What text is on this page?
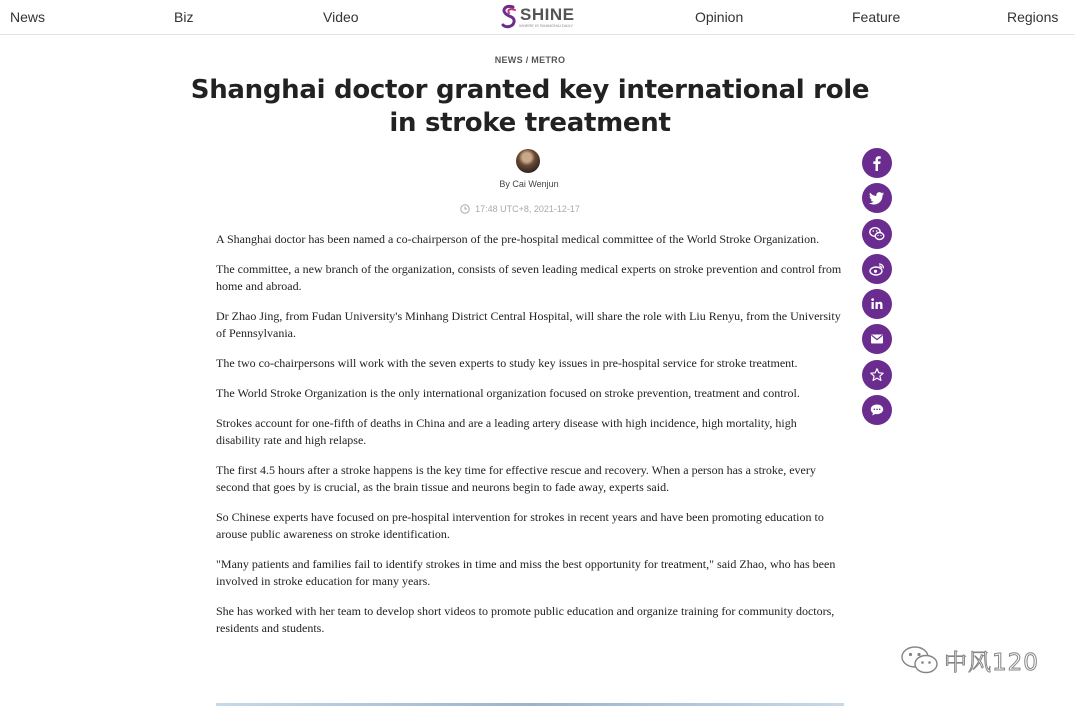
News	Biz	Video	SHINE
WHERE IS SHANGHAI DAILY
Opinion	Feature	Regions
NEWS / METRO
Shanghai doctor granted key international role in stroke treatment
By Cai Wenjun
17:48 UTC+8, 2021-12-17

A Shanghai doctor has been named a co-chairperson of the pre-hospital medical committee of the World Stroke Organization.

The committee, a new branch of the organization, consists of seven leading medical experts on stroke prevention and control from home and abroad.

Dr Zhao Jing, from Fudan University's Minhang District Central Hospital, will share the role with Liu Renyu, from the University of Pennsylvania.

The two co-chairpersons will work with the seven experts to study key issues in pre-hospital service for stroke treatment.

The World Stroke Organization is the only international organization focused on stroke prevention, treatment and control.

Strokes account for one-fifth of deaths in China and are a leading artery disease with high incidence, high mortality, high disability rate and high relapse.

The first 4.5 hours after a stroke happens is the key time for effective rescue and recovery. When a person has a stroke, every second that goes by is crucial, as the brain tissue and neurons begin to fade away, experts said.

So Chinese experts have focused on pre-hospital intervention for strokes in recent years and have been promoting education to arouse public awareness on stroke identification.

"Many patients and families fail to identify strokes in time and miss the best opportunity for treatment," said Zhao, who has been involved in stroke education for many years.

She has worked with her team to develop short videos to promote public education and organize training for community doctors, residents and students.

中风120
